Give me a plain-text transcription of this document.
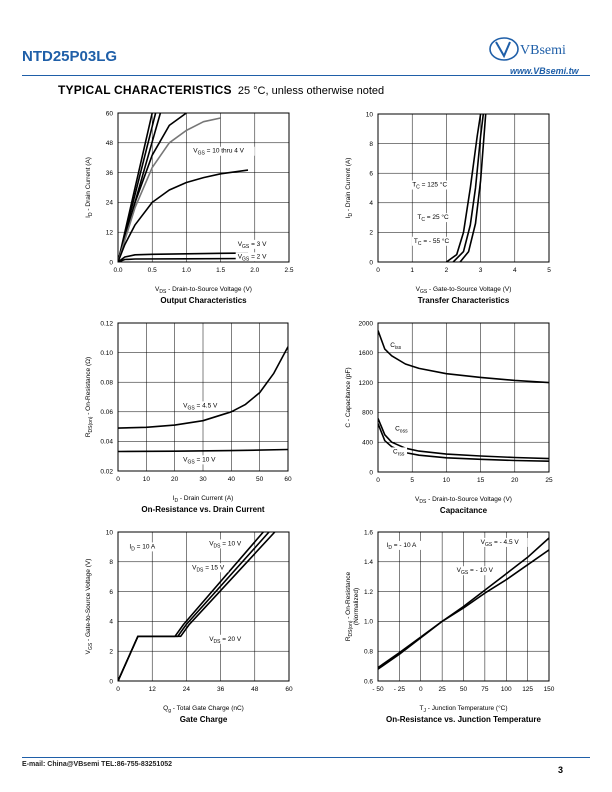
NTD25P03LG	VBsemi
www.VBsemi.tw
TYPICAL CHARACTERISTICS 25 °C, unless otherwise noted
0.0	0.5	1.0	1.5	2.0	2.5
0
12
24
36
48
60
VGS = 10 thru 4 V
VGS = 3 V
VGS = 2 V
VDS - Drain-to-Source Voltage (V)
ID - Drain Current (A)
Output Characteristics
0	1	2	3	4	5
0
2
4
6
8
10
TC = 125 °C
TC = 25 °C
TC = - 55 °C
VGS - Gate-to-Source Voltage (V)
ID - Drain Current (A)
Transfer Characteristics
0	10	20	30	40	50	60
0.02
0.04
0.06
0.08
0.10
0.12
VGS = 4.5 V
VGS = 10 V
ID - Drain Current (A)
RDS(on) - On-Resistance (Ω)
On-Resistance vs. Drain Current
0	5	10	15	20	25
0
400
800
1200
1600
2000
Ciss
Coss
Crss
VDS - Drain-to-Source Voltage (V)
C - Capacitance (pF)
Capacitance
0	12	24	36	48	60
0
2
4
6
8
10
ID = 10 A	VDS = 10 V
VDS = 15 V
VDS = 20 V
Qg - Total Gate Charge (nC)
VGS - Gate-to-Source Voltage (V)
Gate Charge
- 50 - 25 0 25 50 75 100 125 150
0.6
0.8
1.0
1.2
1.4
1.6
ID = - 10 A	VGS = - 4.5 V
VGS = - 10 V
TJ - Junction Temperature (°C)
RDS(on) - On-Resistance (Normalized)
On-Resistance vs. Junction Temperature
E-mail: China@VBsemi TEL:86-755-83251052
3
